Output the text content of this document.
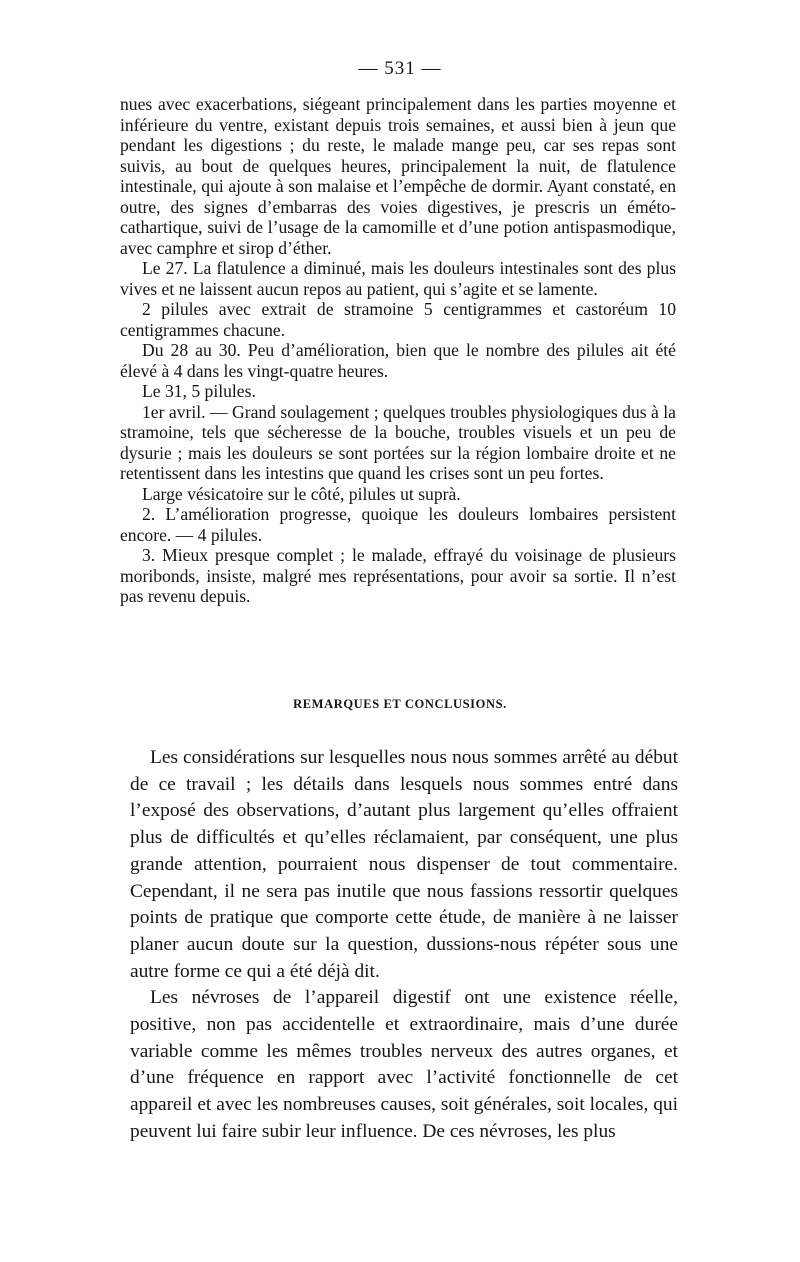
— 531 —

nues avec exacerbations, siégeant principalement dans les parties moyenne et inférieure du ventre, existant depuis trois semaines, et aussi bien à jeun que pendant les digestions ; du reste, le malade mange peu, car ses repas sont suivis, au bout de quelques heures, principalement la nuit, de flatulence intestinale, qui ajoute à son malaise et l’empêche de dormir. Ayant constaté, en outre, des signes d’embarras des voies digestives, je prescris un éméto-cathartique, suivi de l’usage de la camomille et d’une potion antispasmodique, avec camphre et sirop d’éther.

Le 27. La flatulence a diminué, mais les douleurs intestinales sont des plus vives et ne laissent aucun repos au patient, qui s’agite et se lamente.

2 pilules avec extrait de stramoine 5 centigrammes et castoréum 10 centigrammes chacune.

Du 28 au 30. Peu d’amélioration, bien que le nombre des pilules ait été élevé à 4 dans les vingt-quatre heures.

Le 31, 5 pilules.

1er avril. — Grand soulagement ; quelques troubles physiologiques dus à la stramoine, tels que sécheresse de la bouche, troubles visuels et un peu de dysurie ; mais les douleurs se sont portées sur la région lombaire droite et ne retentissent dans les intestins que quand les crises sont un peu fortes.

Large vésicatoire sur le côté, pilules ut suprà.

2. L’amélioration progresse, quoique les douleurs lombaires persistent encore. — 4 pilules.

3. Mieux presque complet ; le malade, effrayé du voisinage de plusieurs moribonds, insiste, malgré mes représentations, pour avoir sa sortie. Il n’est pas revenu depuis.

REMARQUES ET CONCLUSIONS.

Les considérations sur lesquelles nous nous sommes arrêté au début de ce travail ; les détails dans lesquels nous sommes entré dans l’exposé des observations, d’autant plus largement qu’elles offraient plus de difficultés et qu’elles réclamaient, par conséquent, une plus grande attention, pourraient nous dispenser de tout commentaire. Cependant, il ne sera pas inutile que nous fassions ressortir quelques points de pratique que comporte cette étude, de manière à ne laisser planer aucun doute sur la question, dussions-nous répéter sous une autre forme ce qui a été déjà dit.

Les névroses de l’appareil digestif ont une existence réelle, positive, non pas accidentelle et extraordinaire, mais d’une durée variable comme les mêmes troubles nerveux des autres organes, et d’une fréquence en rapport avec l’activité fonctionnelle de cet appareil et avec les nombreuses causes, soit générales, soit locales, qui peuvent lui faire subir leur influence. De ces névroses, les plus
